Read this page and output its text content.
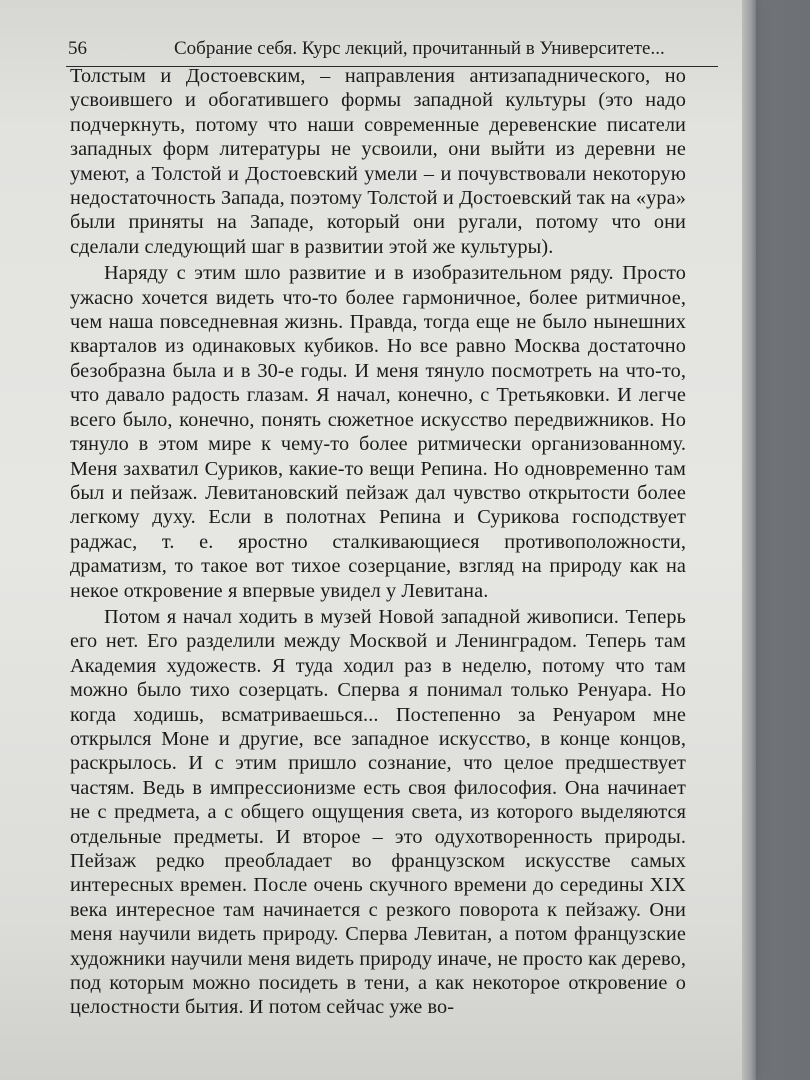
56	Собрание себя. Курс лекций, прочитанный в Университете...

Толстым и Достоевским, – направления антизападнического, но усвоившего и обогатившего формы западной культуры (это надо подчеркнуть, потому что наши современные деревенские писатели западных форм литературы не усвоили, они выйти из деревни не умеют, а Толстой и Достоевский умели – и почувствовали некоторую недостаточность Запада, поэтому Толстой и Достоевский так на «ура» были приняты на Западе, который они ругали, потому что они сделали следующий шаг в развитии этой же культуры).

Наряду с этим шло развитие и в изобразительном ряду. Просто ужасно хочется видеть что-то более гармоничное, более ритмичное, чем наша повседневная жизнь. Правда, тогда еще не было нынешних кварталов из одинаковых кубиков. Но все равно Москва достаточно безобразна была и в 30-е годы. И меня тянуло посмотреть на что-то, что давало радость глазам. Я начал, конечно, с Третьяковки. И легче всего было, конечно, понять сюжетное искусство передвижников. Но тянуло в этом мире к чему-то более ритмически организованному. Меня захватил Суриков, какие-то вещи Репина. Но одновременно там был и пейзаж. Левитановский пейзаж дал чувство открытости более легкому духу. Если в полотнах Репина и Сурикова господствует раджас, т. е. яростно сталкивающиеся противоположности, драматизм, то такое вот тихое созерцание, взгляд на природу как на некое откровение я впервые увидел у Левитана.

Потом я начал ходить в музей Новой западной живописи. Теперь его нет. Его разделили между Москвой и Ленинградом. Теперь там Академия художеств. Я туда ходил раз в неделю, потому что там можно было тихо созерцать. Сперва я понимал только Ренуара. Но когда ходишь, всматриваешься... Постепенно за Ренуаром мне открылся Моне и другие, все западное искусство, в конце концов, раскрылось. И с этим пришло сознание, что целое предшествует частям. Ведь в импрессионизме есть своя философия. Она начинает не с предмета, а с общего ощущения света, из которого выделяются отдельные предметы. И второе – это одухотворенность природы. Пейзаж редко преобладает во французском искусстве самых интересных времен. После очень скучного времени до середины XIX века интересное там начинается с резкого поворота к пейзажу. Они меня научили видеть природу. Сперва Левитан, а потом французские художники научили меня видеть природу иначе, не просто как дерево, под которым можно посидеть в тени, а как некоторое откровение о целостности бытия. И потом сейчас уже во-
